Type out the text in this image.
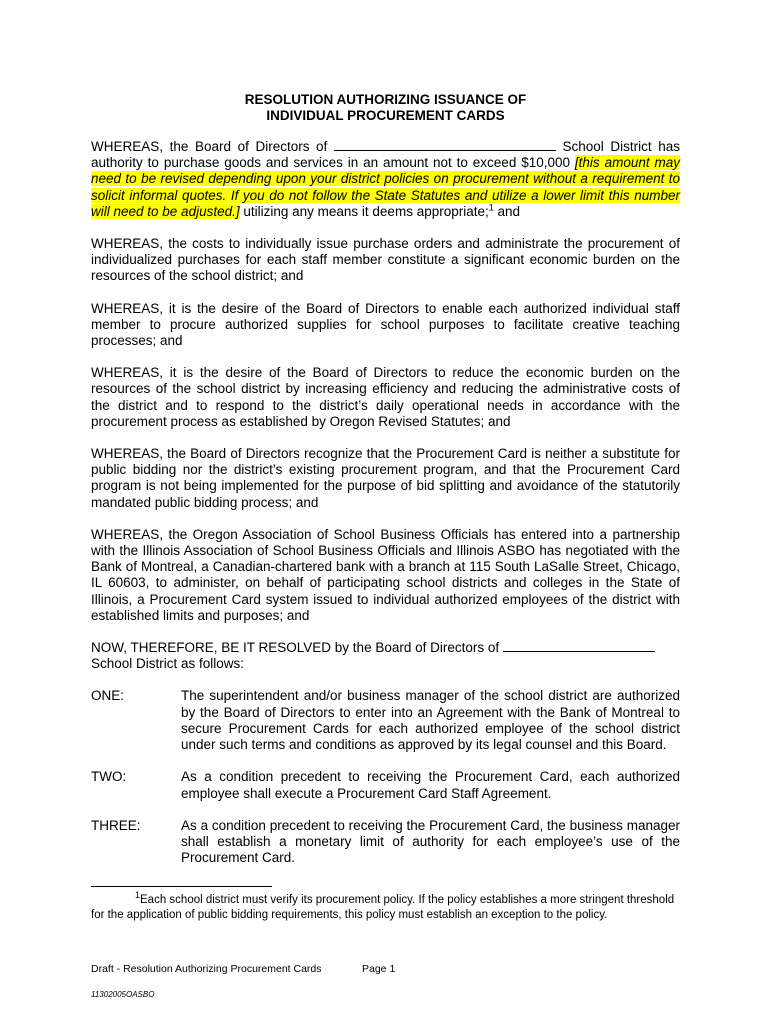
RESOLUTION AUTHORIZING ISSUANCE OF

INDIVIDUAL PROCUREMENT CARDS

WHEREAS, the Board of Directors of	School District has authority to purchase goods and services in an amount not to exceed $10,000 [this amount may need to be revised depending upon your district policies on procurement without a requirement to solicit informal quotes. If you do not follow the State Statutes and utilize a lower limit this number will need to be adjusted.] utilizing any means it deems appropriate;$^1$ and

WHEREAS, the costs to individually issue purchase orders and administrate the procurement of individualized purchases for each staff member constitute a significant economic burden on the resources of the school district; and

WHEREAS, it is the desire of the Board of Directors to enable each authorized individual staff member to procure authorized supplies for school purposes to facilitate creative teaching processes; and

WHEREAS, it is the desire of the Board of Directors to reduce the economic burden on the resources of the school district by increasing efficiency and reducing the administrative costs of the district and to respond to the district’s daily operational needs in accordance with the procurement process as established by Oregon Revised Statutes; and

WHEREAS, the Board of Directors recognize that the Procurement Card is neither a substitute for public bidding nor the district’s existing procurement program, and that the Procurement Card program is not being implemented for the purpose of bid splitting and avoidance of the statutorily mandated public bidding process; and

WHEREAS, the Oregon Association of School Business Officials has entered into a partnership with the Illinois Association of School Business Officials and Illinois ASBO has negotiated with the Bank of Montreal, a Canadian-chartered bank with a branch at 115 South LaSalle Street, Chicago, IL 60603, to administer, on behalf of participating school districts and colleges in the State of Illinois, a Procurement Card system issued to individual authorized employees of the district with established limits and purposes; and

NOW, THEREFORE, BE IT RESOLVED by the Board of Directors of
School District as follows:

ONE:	The superintendent and/or business manager of the school district are authorized by the Board of Directors to enter into an Agreement with the Bank of Montreal to secure Procurement Cards for each authorized employee of the school district under such terms and conditions as approved by its legal counsel and this Board.
TWO:	As a condition precedent to receiving the Procurement Card, each authorized employee shall execute a Procurement Card Staff Agreement.
THREE:	As a condition precedent to receiving the Procurement Card, the business manager shall establish a monetary limit of authority for each employee’s use of the Procurement Card.
$^1$Each school district must verify its procurement policy. If the policy establishes a more stringent threshold for the application of public bidding requirements, this policy must establish an exception to the policy.
Draft - Resolution Authorizing Procurement Cards	Page 1
11302005OASBO
